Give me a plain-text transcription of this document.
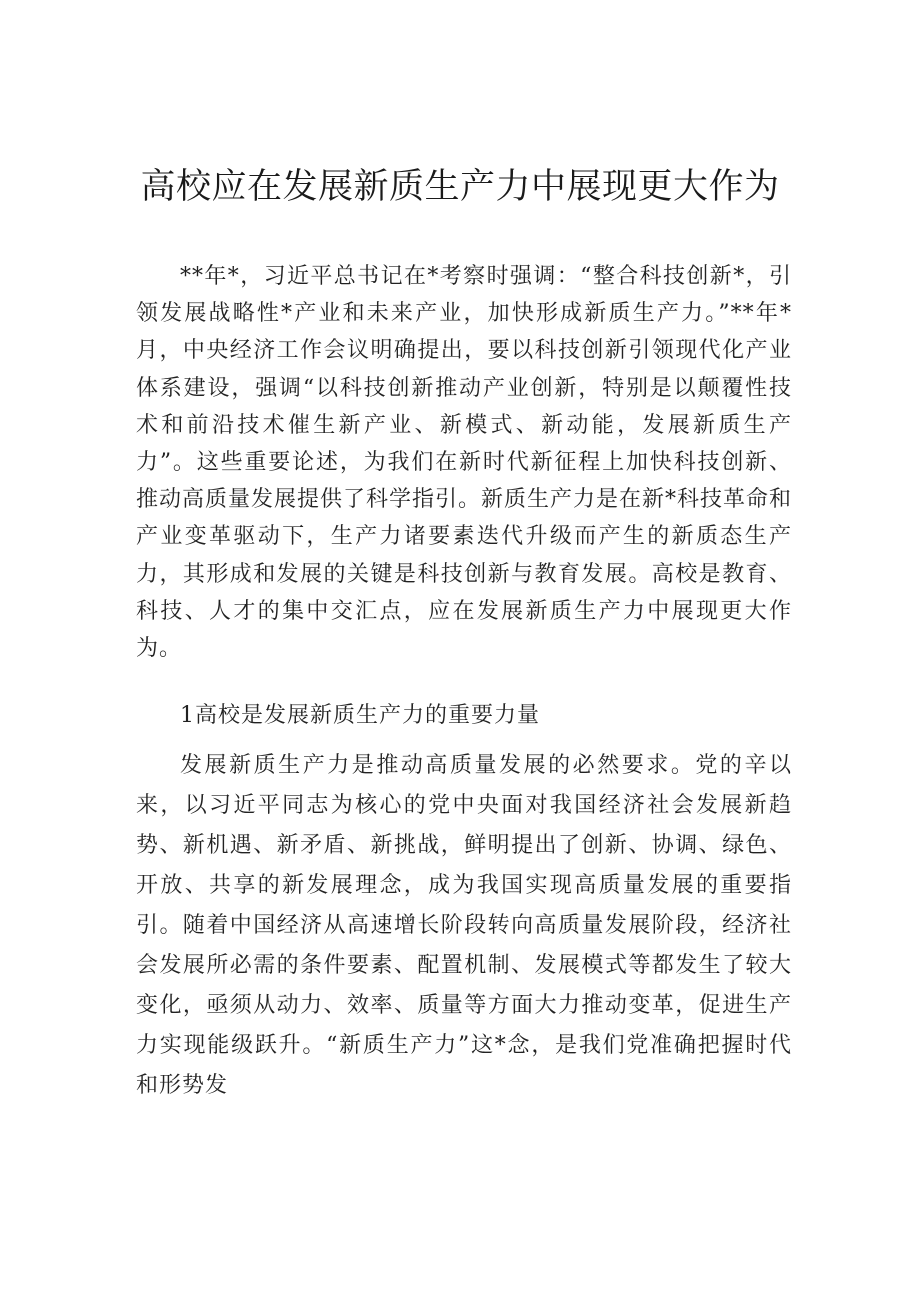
高校应在发展新质生产力中展现更大作为

**年*，习近平总书记在*考察时强调：“整合科技创新*，引领发展战略性*产业和未来产业，加快形成新质生产力。”**年*月，中央经济工作会议明确提出，要以科技创新引领现代化产业体系建设，强调“以科技创新推动产业创新，特别是以颠覆性技术和前沿技术催生新产业、新模式、新动能，发展新质生产力”。这些重要论述，为我们在新时代新征程上加快科技创新、推动高质量发展提供了科学指引。新质生产力是在新*科技革命和产业变革驱动下，生产力诸要素迭代升级而产生的新质态生产力，其形成和发展的关键是科技创新与教育发展。高校是教育、科技、人才的集中交汇点，应在发展新质生产力中展现更大作为。

1高校是发展新质生产力的重要力量

发展新质生产力是推动高质量发展的必然要求。党的辛以来，以习近平同志为核心的党中央面对我国经济社会发展新趋势、新机遇、新矛盾、新挑战，鲜明提出了创新、协调、绿色、开放、共享的新发展理念，成为我国实现高质量发展的重要指引。随着中国经济从高速增长阶段转向高质量发展阶段，经济社会发展所必需的条件要素、配置机制、发展模式等都发生了较大变化，亟须从动力、效率、质量等方面大力推动变革，促进生产力实现能级跃升。“新质生产力”这*念，是我们党准确把握时代和形势发
